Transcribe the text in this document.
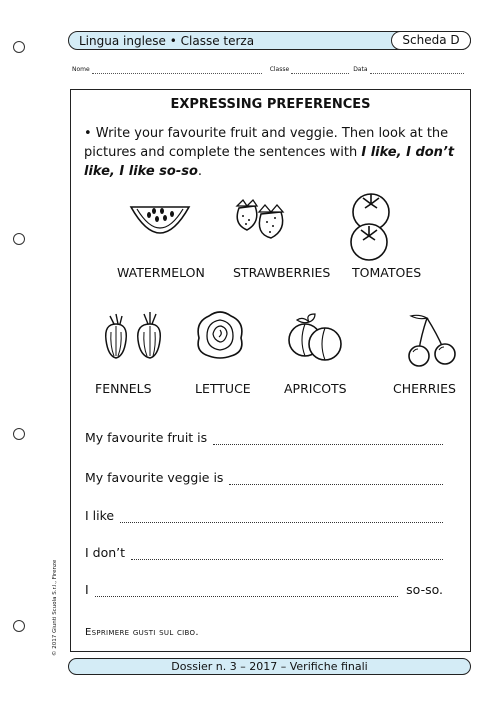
Lingua inglese • Classe terza	Scheda D
Nome	Classe	Data
EXPRESSING PREFERENCES
• Write your favourite fruit and veggie. Then look at the pictures and complete the sentences with I like, I don’t like, I like so-so.
WATERMELON STRAWBERRIES TOMATOES
FENNELS	LETTUCE	APRICOTS	CHERRIES
My favourite fruit is
My favourite veggie is
I like
I don’t
I	so-so.
Esprimere gusti sul cibo.
© 2017 Giunti Scuola S.r.l., Firenze
Dossier n. 3 – 2017 – Verifiche finali
